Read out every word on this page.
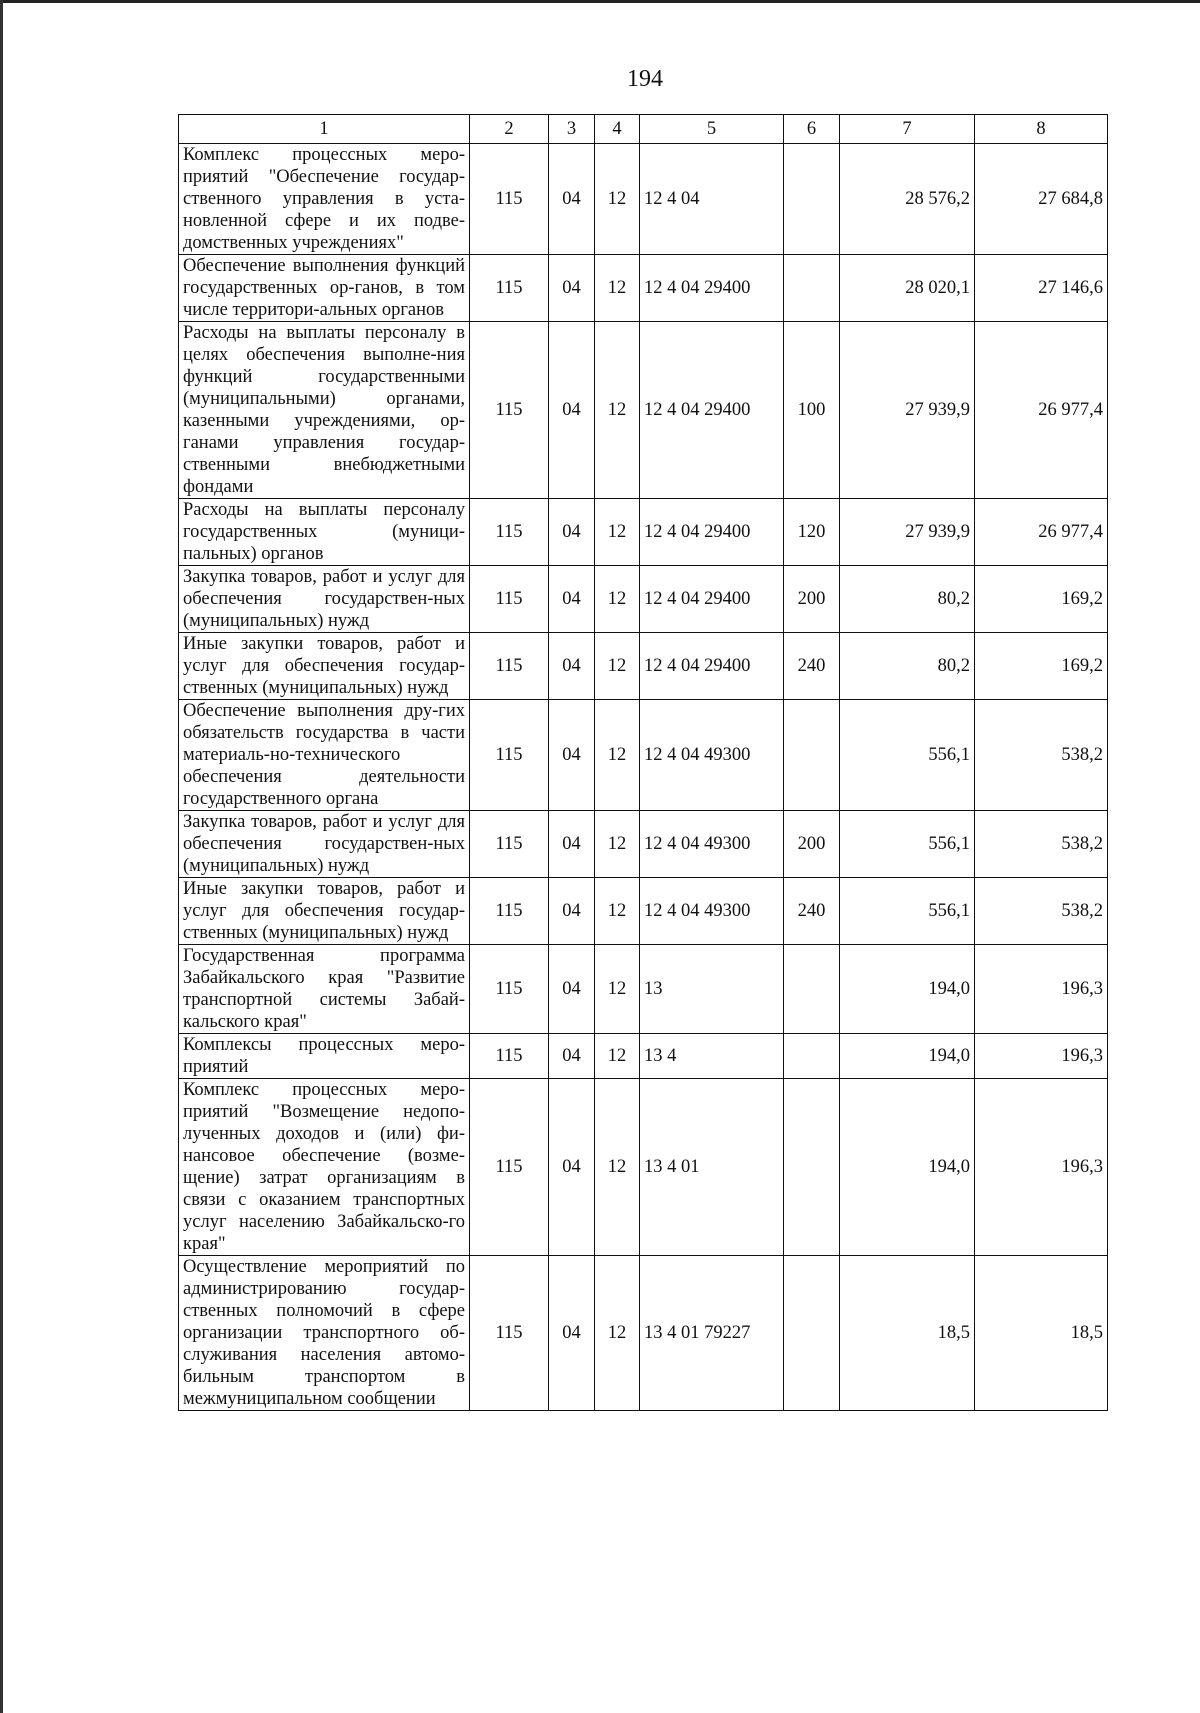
194
1	2	3	4	5	6	7	8
Комплекс процессных меро-приятий "Обеспечение государ-ственного управления в уста-новленной сфере и их подве-домственных учреждениях"	115	04	12	12 4 04		28 576,2	27 684,8
Обеспечение выполнения функций государственных ор-ганов, в том числе территори-альных органов	115	04	12	12 4 04 29400		28 020,1	27 146,6
Расходы на выплаты персоналу в целях обеспечения выполне-ния функций государственными (муниципальными) органами, казенными учреждениями, ор-ганами управления государ-ственными внебюджетными фондами	115	04	12	12 4 04 29400	100	27 939,9	26 977,4
Расходы на выплаты персоналу государственных (муници-пальных) органов	115	04	12	12 4 04 29400	120	27 939,9	26 977,4
Закупка товаров, работ и услуг для обеспечения государствен-ных (муниципальных) нужд	115	04	12	12 4 04 29400	200	80,2	169,2
Иные закупки товаров, работ и услуг для обеспечения государ-ственных (муниципальных) нужд	115	04	12	12 4 04 29400	240	80,2	169,2
Обеспечение выполнения дру-гих обязательств государства в части материаль-но-технического обеспечения деятельности государственного органа	115	04	12	12 4 04 49300		556,1	538,2
Закупка товаров, работ и услуг для обеспечения государствен-ных (муниципальных) нужд	115	04	12	12 4 04 49300	200	556,1	538,2
Иные закупки товаров, работ и услуг для обеспечения государ-ственных (муниципальных) нужд	115	04	12	12 4 04 49300	240	556,1	538,2
Государственная программа Забайкальского края "Развитие транспортной системы Забай-кальского края"	115	04	12	13		194,0	196,3
Комплексы процессных меро-приятий	115	04	12	13 4		194,0	196,3
Комплекс процессных меро-приятий "Возмещение недопо-лученных доходов и (или) фи-нансовое обеспечение (возме-щение) затрат организациям в связи с оказанием транспортных услуг населению Забайкальско-го края"	115	04	12	13 4 01		194,0	196,3
Осуществление мероприятий по администрированию государ-ственных полномочий в сфере организации транспортного об-служивания населения автомо-бильным транспортом в межмуниципальном сообщении	115	04	12	13 4 01 79227		18,5	18,5
